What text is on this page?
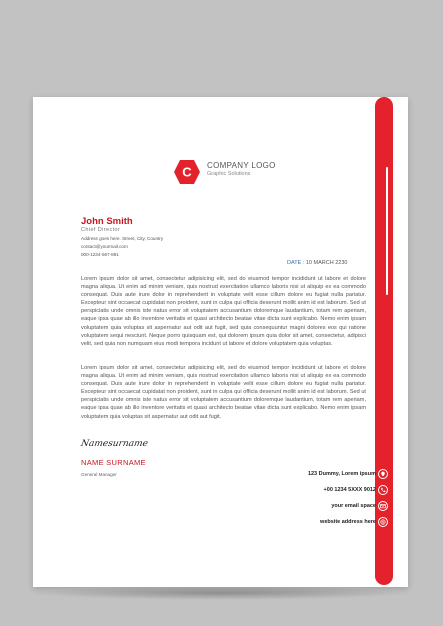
C COMPANY LOGO
Graphic Solutions
John Smith
Chief Director
Address goes here. Street, City, Country
contact@yourmail.com
000-1234-567-891
DATE : 10 MARCH 2230
Lorem ipsum dolor sit amet, consectetur adipisicing elit, sed do eiusmod tempor incididunt ut labore et dolore magna aliqua. Ut enim ad minim veniam, quis nostrud exercitation ullamco laboris nisi ut aliquip ex ea commodo consequat. Duis aute irure dolor in reprehenderit in voluptate velit esse cillum dolore eu fugiat nulla pariatur. Excepteur sint occaecat cupidatat non proident, sunt in culpa qui officia deserunt mollit anim id est laborum. Sed ut perspiciatis unde omnis iste natus error sit voluptatem accusantium doloremque laudantium, totam rem aperiam, eaque ipsa quae ab illo inventore veritatis et quasi architecto beatae vitae dicta sunt explicabo. Nemo enim ipsam voluptatem quia voluptas sit aspernatur aut odit aut fugit, sed quia consequuntur magni dolores eos qui ratione voluptatem sequi nesciunt. Neque porro quisquam est, qui dolorem ipsum quia dolor sit amet, consectetur, adipisci velit, sed quia non numquam eius modi tempora incidunt ut labore et dolore voluptatem quia voluptas.
Lorem ipsum dolor sit amet, consectetur adipisicing elit, sed do eiusmod tempor incididunt ut labore et dolore magna aliqua. Ut enim ad minim veniam, quis nostrud exercitation ullamco laboris nisi ut aliquip ex ea commodo consequat. Duis aute irure dolor in reprehenderit in voluptate velit esse cillum dolore eu fugiat nulla pariatur. Excepteur sint occaecat cupidatat non proident, sunt in culpa qui officia deserunt mollit anim id est laborum. Sed ut perspiciatis unde omnis iste natus error sit voluptatem accusantium doloremque laudantium, totam rem aperiam, eaque ipsa quae ab illo inventore veritatis et quasi architecto beatae vitae dicta sunt explicabo. Nemo enim ipsam voluptatem quia voluptas sit aspernatur aut odit aut fugit.
Namesurname
NAME SURNAME
General Manager	123 Dummy, Lorem ipsum
+00 1234 5XXX 9012
your email space
website address here
